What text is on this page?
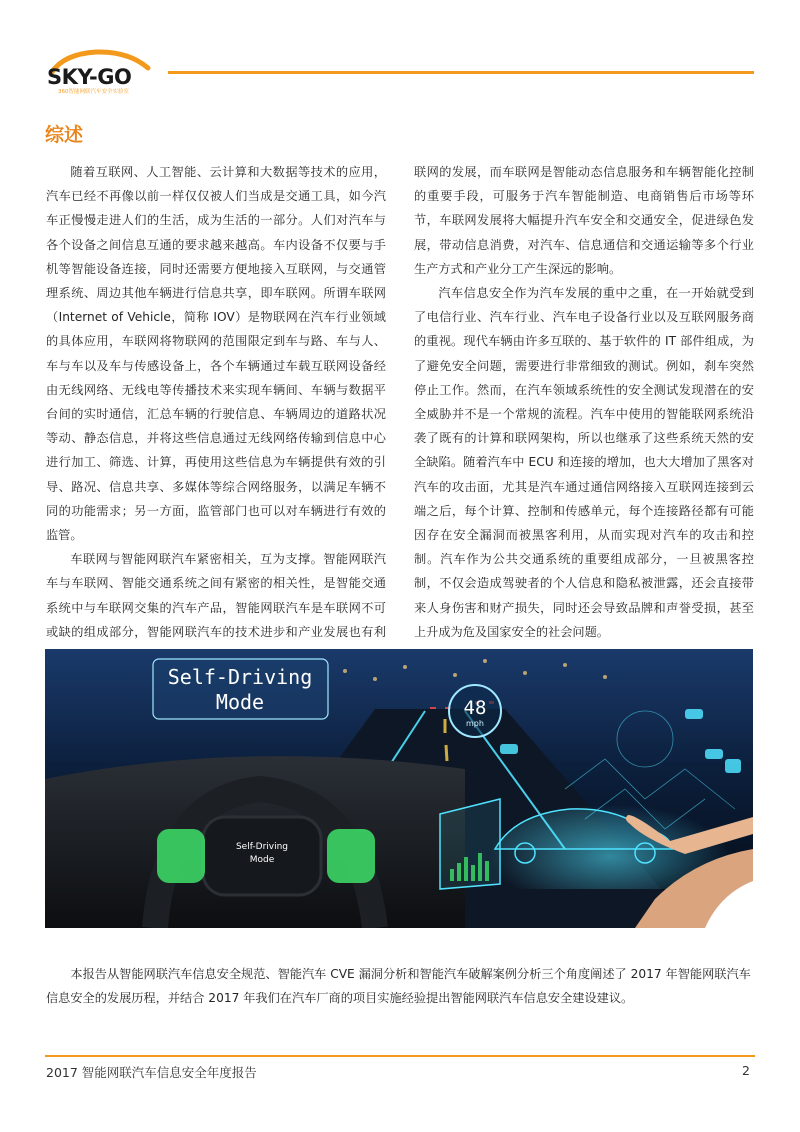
SKY-GO
360智能网联汽车安全实验室
综述

随着互联网、人工智能、云计算和大数据等技术的应用，汽车已经不再像以前一样仅仅被人们当成是交通工具，如今汽车正慢慢走进人们的生活，成为生活的一部分。人们对汽车与各个设备之间信息互通的要求越来越高。车内设备不仅要与手机等智能设备连接，同时还需要方便地接入互联网，与交通管理系统、周边其他车辆进行信息共享，即车联网。所谓车联网（Internet of Vehicle，简称 IOV）是物联网在汽车行业领域的具体应用，车联网将物联网的范围限定到车与路、车与人、车与车以及车与传感设备上，各个车辆通过车载互联网设备经由无线网络、无线电等传播技术来实现车辆间、车辆与数据平台间的实时通信，汇总车辆的行驶信息、车辆周边的道路状况等动、静态信息，并将这些信息通过无线网络传输到信息中心进行加工、筛选、计算，再使用这些信息为车辆提供有效的引导、路况、信息共享、多媒体等综合网络服务，以满足车辆不同的功能需求；另一方面，监管部门也可以对车辆进行有效的监管。

车联网与智能网联汽车紧密相关，互为支撑。智能网联汽车与车联网、智能交通系统之间有紧密的相关性，是智能交通系统中与车联网交集的汽车产品，智能网联汽车是车联网不可或缺的组成部分，智能网联汽车的技术进步和产业发展也有利

联网的发展，而车联网是智能动态信息服务和车辆智能化控制的重要手段，可服务于汽车智能制造、电商销售后市场等环节，车联网发展将大幅提升汽车安全和交通安全，促进绿色发展，带动信息消费，对汽车、信息通信和交通运输等多个行业生产方式和产业分工产生深远的影响。

汽车信息安全作为汽车发展的重中之重，在一开始就受到了电信行业、汽车行业、汽车电子设备行业以及互联网服务商的重视。现代车辆由许多互联的、基于软件的 IT 部件组成，为了避免安全问题，需要进行非常细致的测试。例如，刹车突然停止工作。然而，在汽车领域系统性的安全测试发现潜在的安全威胁并不是一个常规的流程。汽车中使用的智能联网系统沿袭了既有的计算和联网架构，所以也继承了这些系统天然的安全缺陷。随着汽车中 ECU 和连接的增加，也大大增加了黑客对汽车的攻击面，尤其是汽车通过通信网络接入互联网连接到云端之后，每个计算、控制和传感单元，每个连接路径都有可能因存在安全漏洞而被黑客利用，从而实现对汽车的攻击和控制。汽车作为公共交通系统的重要组成部分，一旦被黑客控制，不仅会造成驾驶者的个人信息和隐私被泄露，还会直接带来人身伤害和财产损失，同时还会导致品牌和声誉受损，甚至上升成为危及国家安全的社会问题。

Self-Driving
Mode	48
mph
Self-Driving
Mode

本报告从智能网联汽车信息安全规范、智能汽车 CVE 漏洞分析和智能汽车破解案例分析三个角度阐述了 2017 年智能网联汽车信息安全的发展历程，并结合 2017 年我们在汽车厂商的项目实施经验提出智能网联汽车信息安全建设建议。

2017 智能网联汽车信息安全年度报告	2
